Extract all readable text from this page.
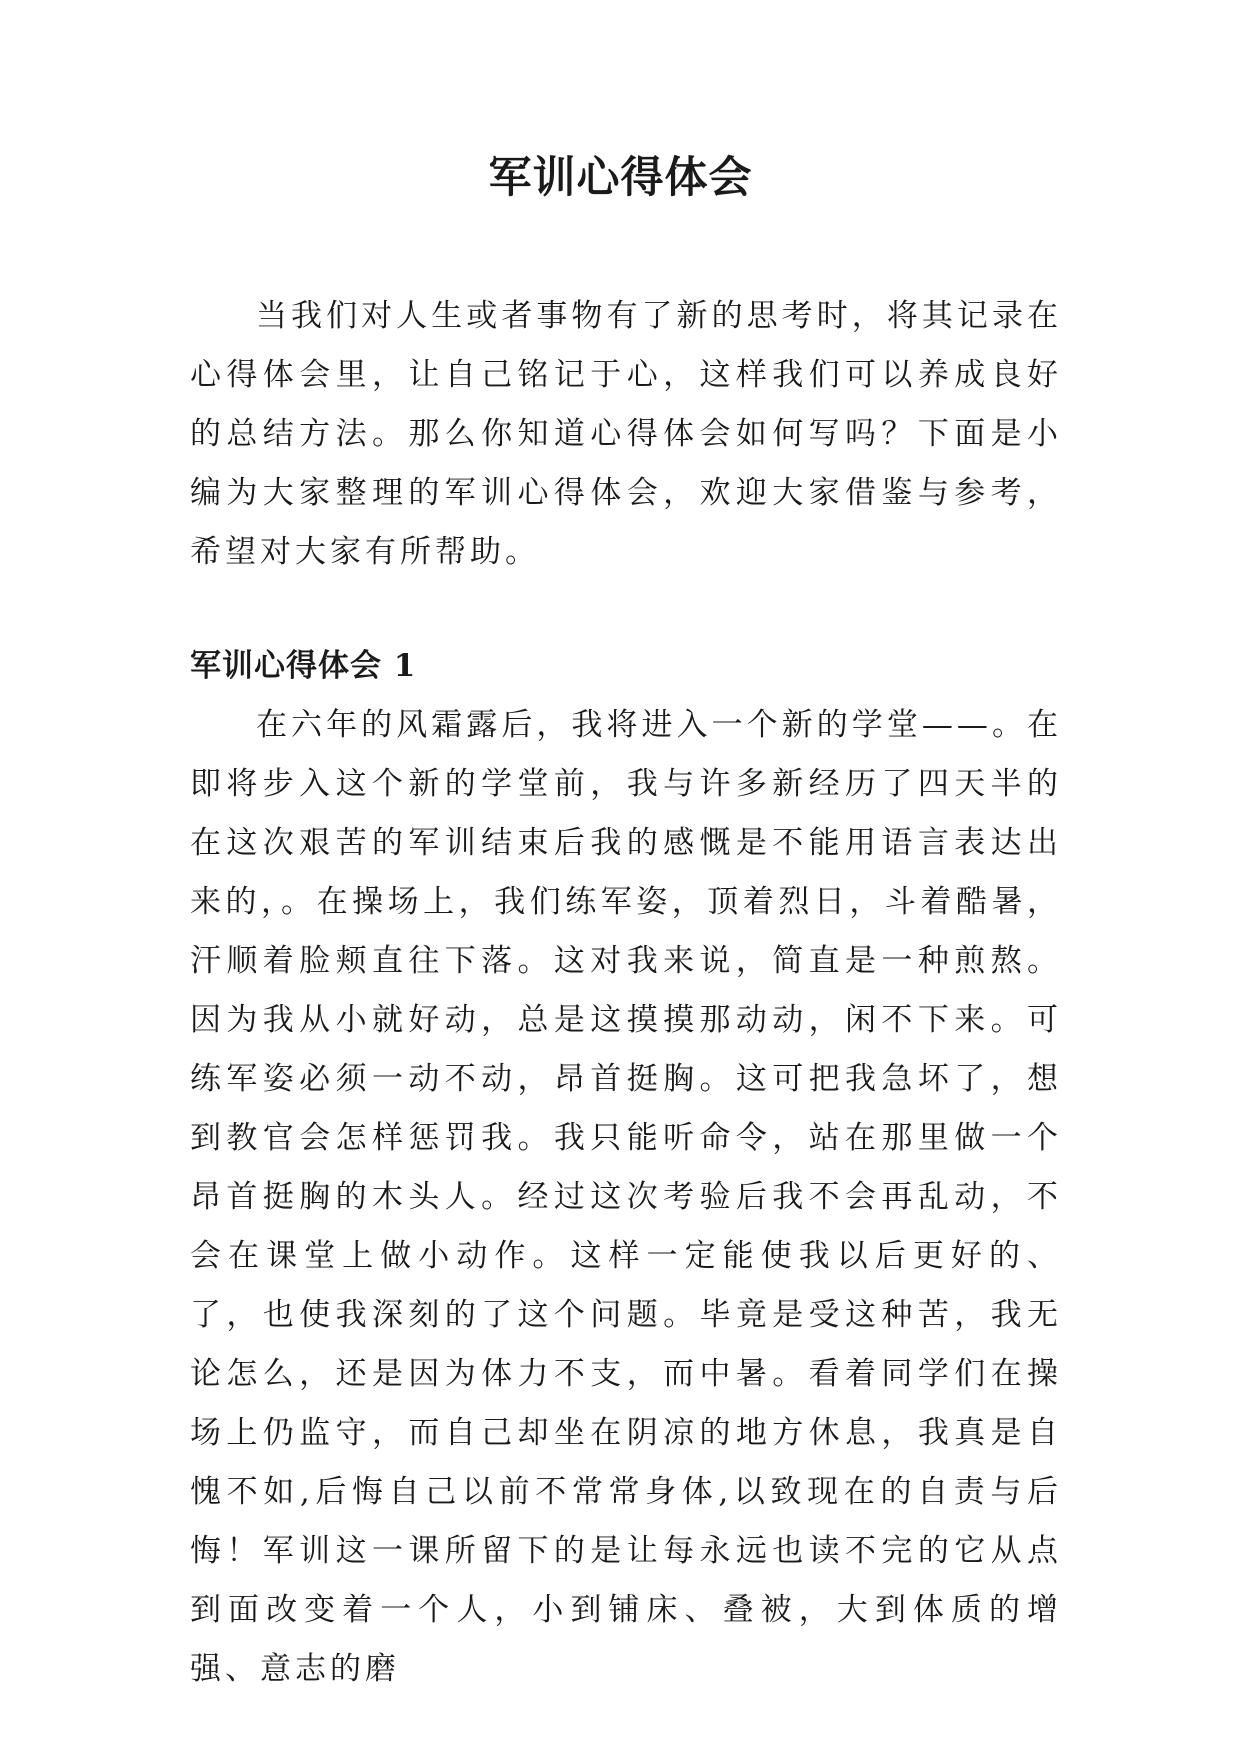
军训心得体会

当我们对人生或者事物有了新的思考时，将其记录在心得体会里，让自己铭记于心，这样我们可以养成良好的总结方法。那么你知道心得体会如何写吗？下面是小编为大家整理的军训心得体会，欢迎大家借鉴与参考，希望对大家有所帮助。

军训心得体会 1

在六年的风霜露后，我将进入一个新的学堂——。在即将步入这个新的学堂前，我与许多新经历了四天半的在这次艰苦的军训结束后我的感慨是不能用语言表达出来的，。在操场上，我们练军姿，顶着烈日，斗着酷暑，汗顺着脸颊直往下落。这对我来说，简直是一种煎熬。因为我从小就好动，总是这摸摸那动动，闲不下来。可练军姿必须一动不动，昂首挺胸。这可把我急坏了，想到教官会怎样惩罚我。我只能听命令，站在那里做一个昂首挺胸的木头人。经过这次考验后我不会再乱动，不会在课堂上做小动作。这样一定能使我以后更好的、了，也使我深刻的了这个问题。毕竟是受这种苦，我无论怎么，还是因为体力不支，而中暑。看着同学们在操场上仍监守，而自己却坐在阴凉的地方休息，我真是自愧不如,后悔自己以前不常常身体,以致现在的自责与后悔！军训这一课所留下的是让每永远也读不完的它从点到面改变着一个人，小到铺床、叠被，大到体质的增强、意志的磨
